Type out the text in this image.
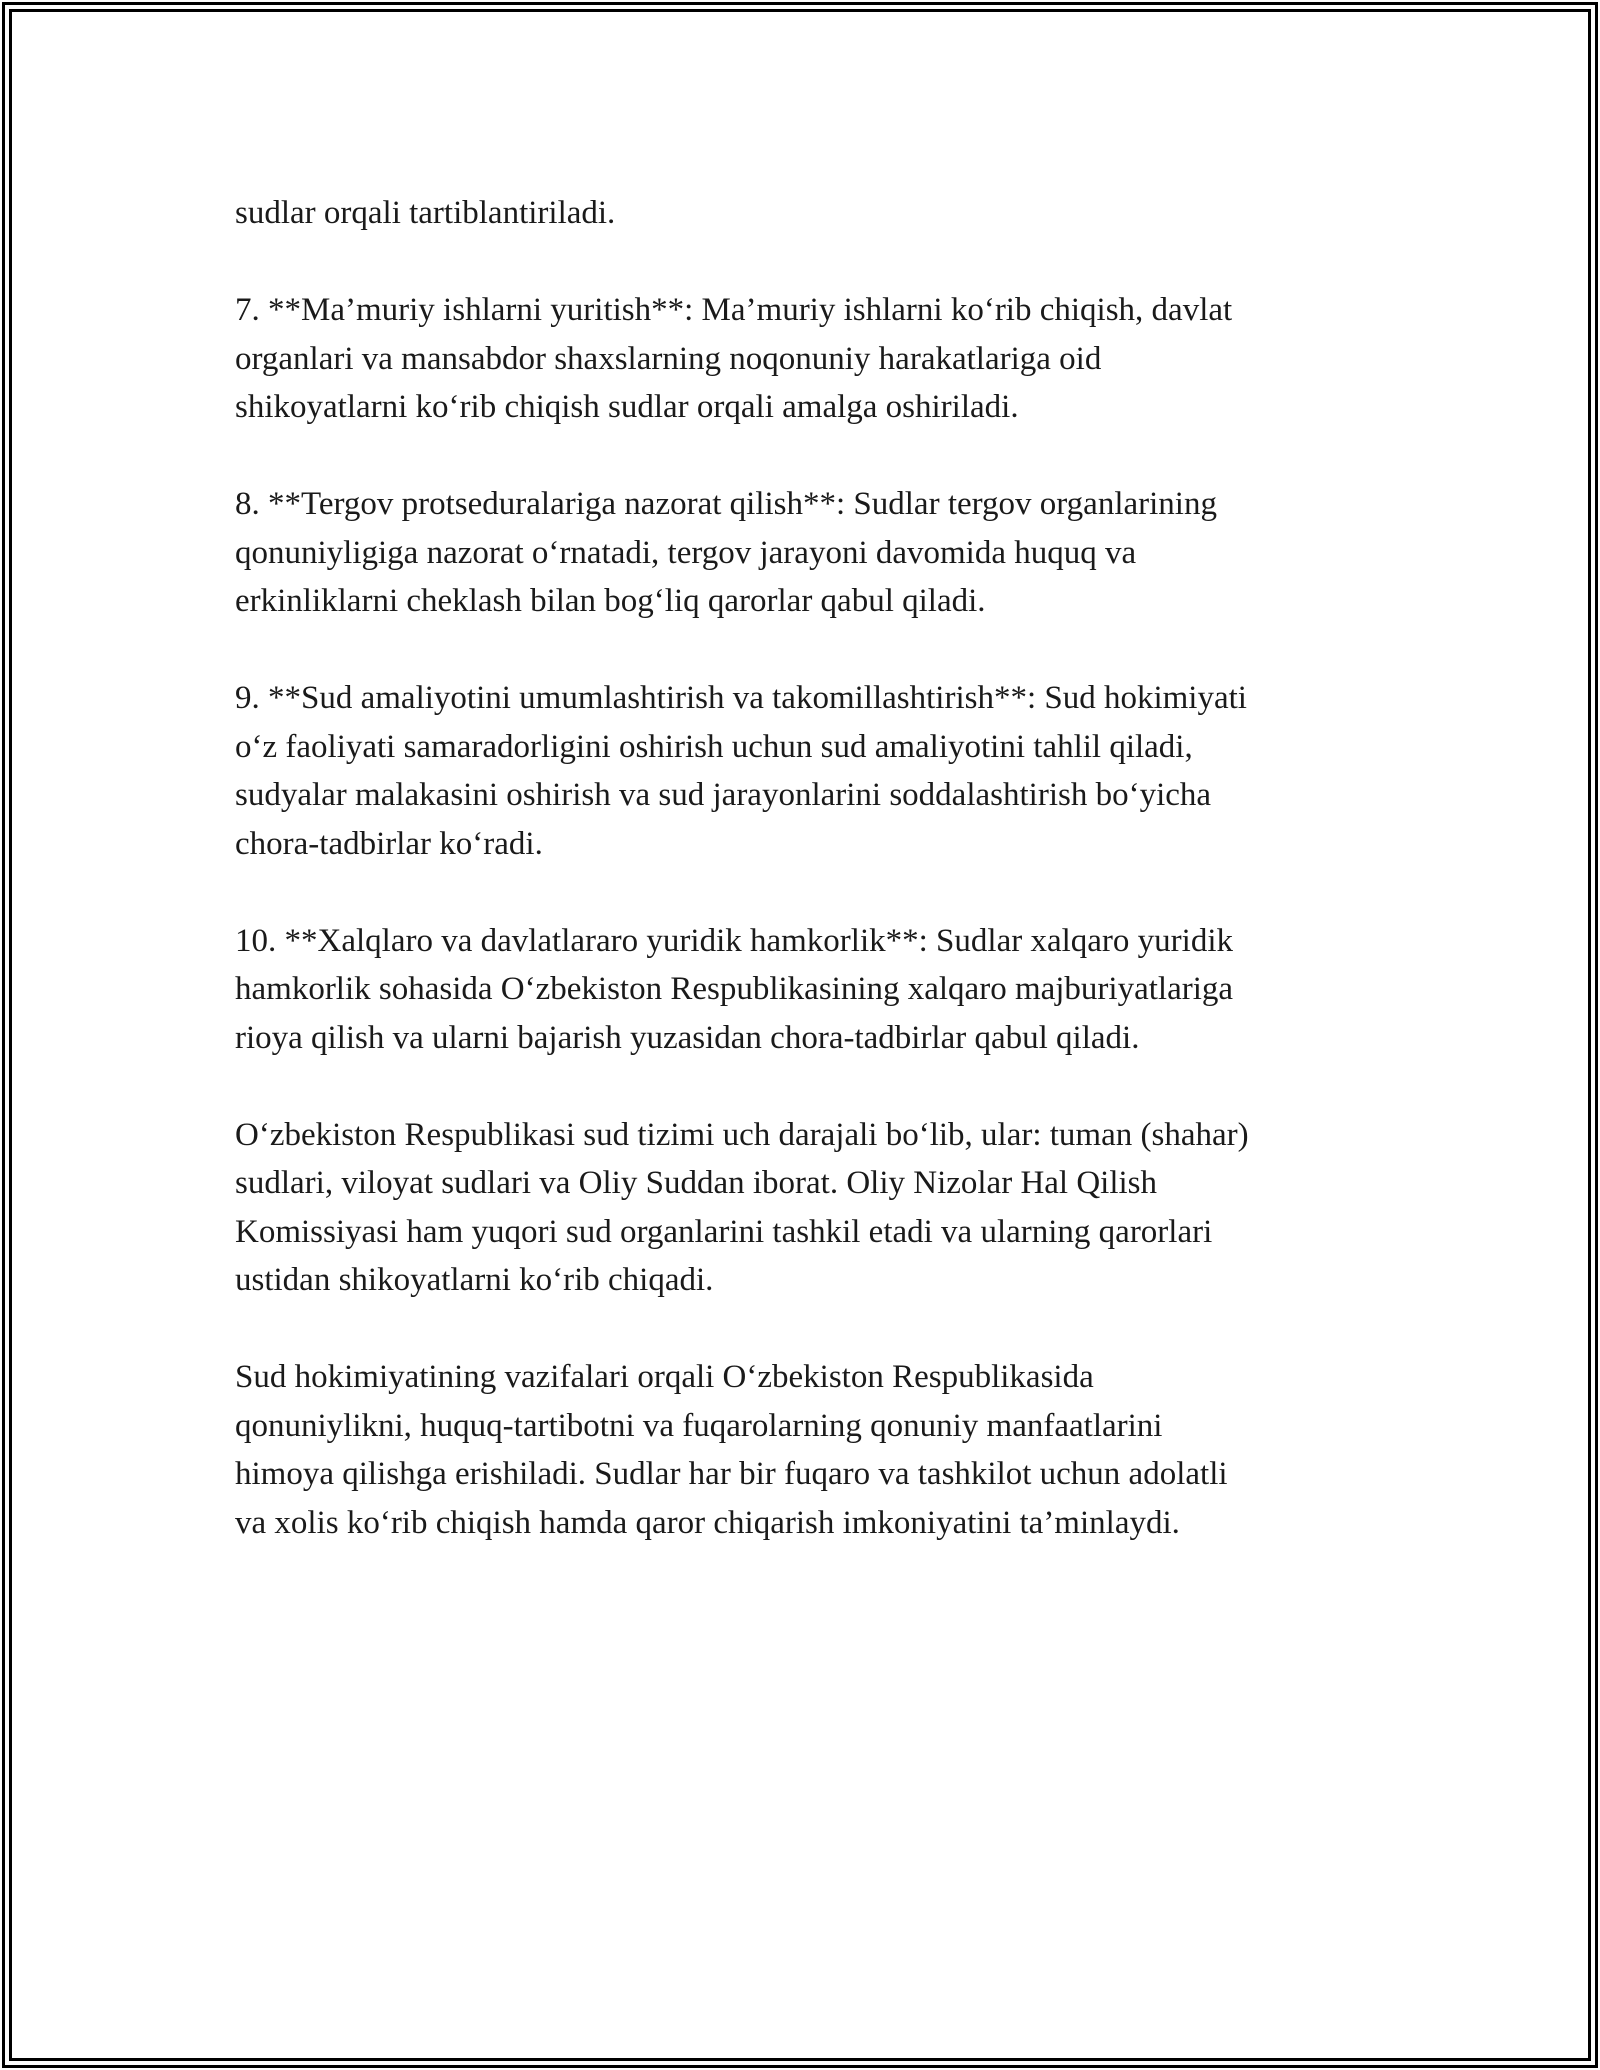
sudlar orqali tartiblantiriladi.

7. **Ma’muriy ishlarni yuritish**: Ma’muriy ishlarni ko‘rib chiqish, davlat
organlari va mansabdor shaxslarning noqonuniy harakatlariga oid
shikoyatlarni ko‘rib chiqish sudlar orqali amalga oshiriladi.

8. **Tergov protseduralariga nazorat qilish**: Sudlar tergov organlarining
qonuniyligiga nazorat o‘rnatadi, tergov jarayoni davomida huquq va
erkinliklarni cheklash bilan bog‘liq qarorlar qabul qiladi.

9. **Sud amaliyotini umumlashtirish va takomillashtirish**: Sud hokimiyati
o‘z faoliyati samaradorligini oshirish uchun sud amaliyotini tahlil qiladi,
sudyalar malakasini oshirish va sud jarayonlarini soddalashtirish bo‘yicha
chora-tadbirlar ko‘radi.

10. **Xalqlaro va davlatlararo yuridik hamkorlik**: Sudlar xalqaro yuridik
hamkorlik sohasida O‘zbekiston Respublikasining xalqaro majburiyatlariga
rioya qilish va ularni bajarish yuzasidan chora-tadbirlar qabul qiladi.

O‘zbekiston Respublikasi sud tizimi uch darajali bo‘lib, ular: tuman (shahar)
sudlari, viloyat sudlari va Oliy Suddan iborat. Oliy Nizolar Hal Qilish
Komissiyasi ham yuqori sud organlarini tashkil etadi va ularning qarorlari
ustidan shikoyatlarni ko‘rib chiqadi.

Sud hokimiyatining vazifalari orqali O‘zbekiston Respublikasida
qonuniylikni, huquq-tartibotni va fuqarolarning qonuniy manfaatlarini
himoya qilishga erishiladi. Sudlar har bir fuqaro va tashkilot uchun adolatli
va xolis ko‘rib chiqish hamda qaror chiqarish imkoniyatini ta’minlaydi.
